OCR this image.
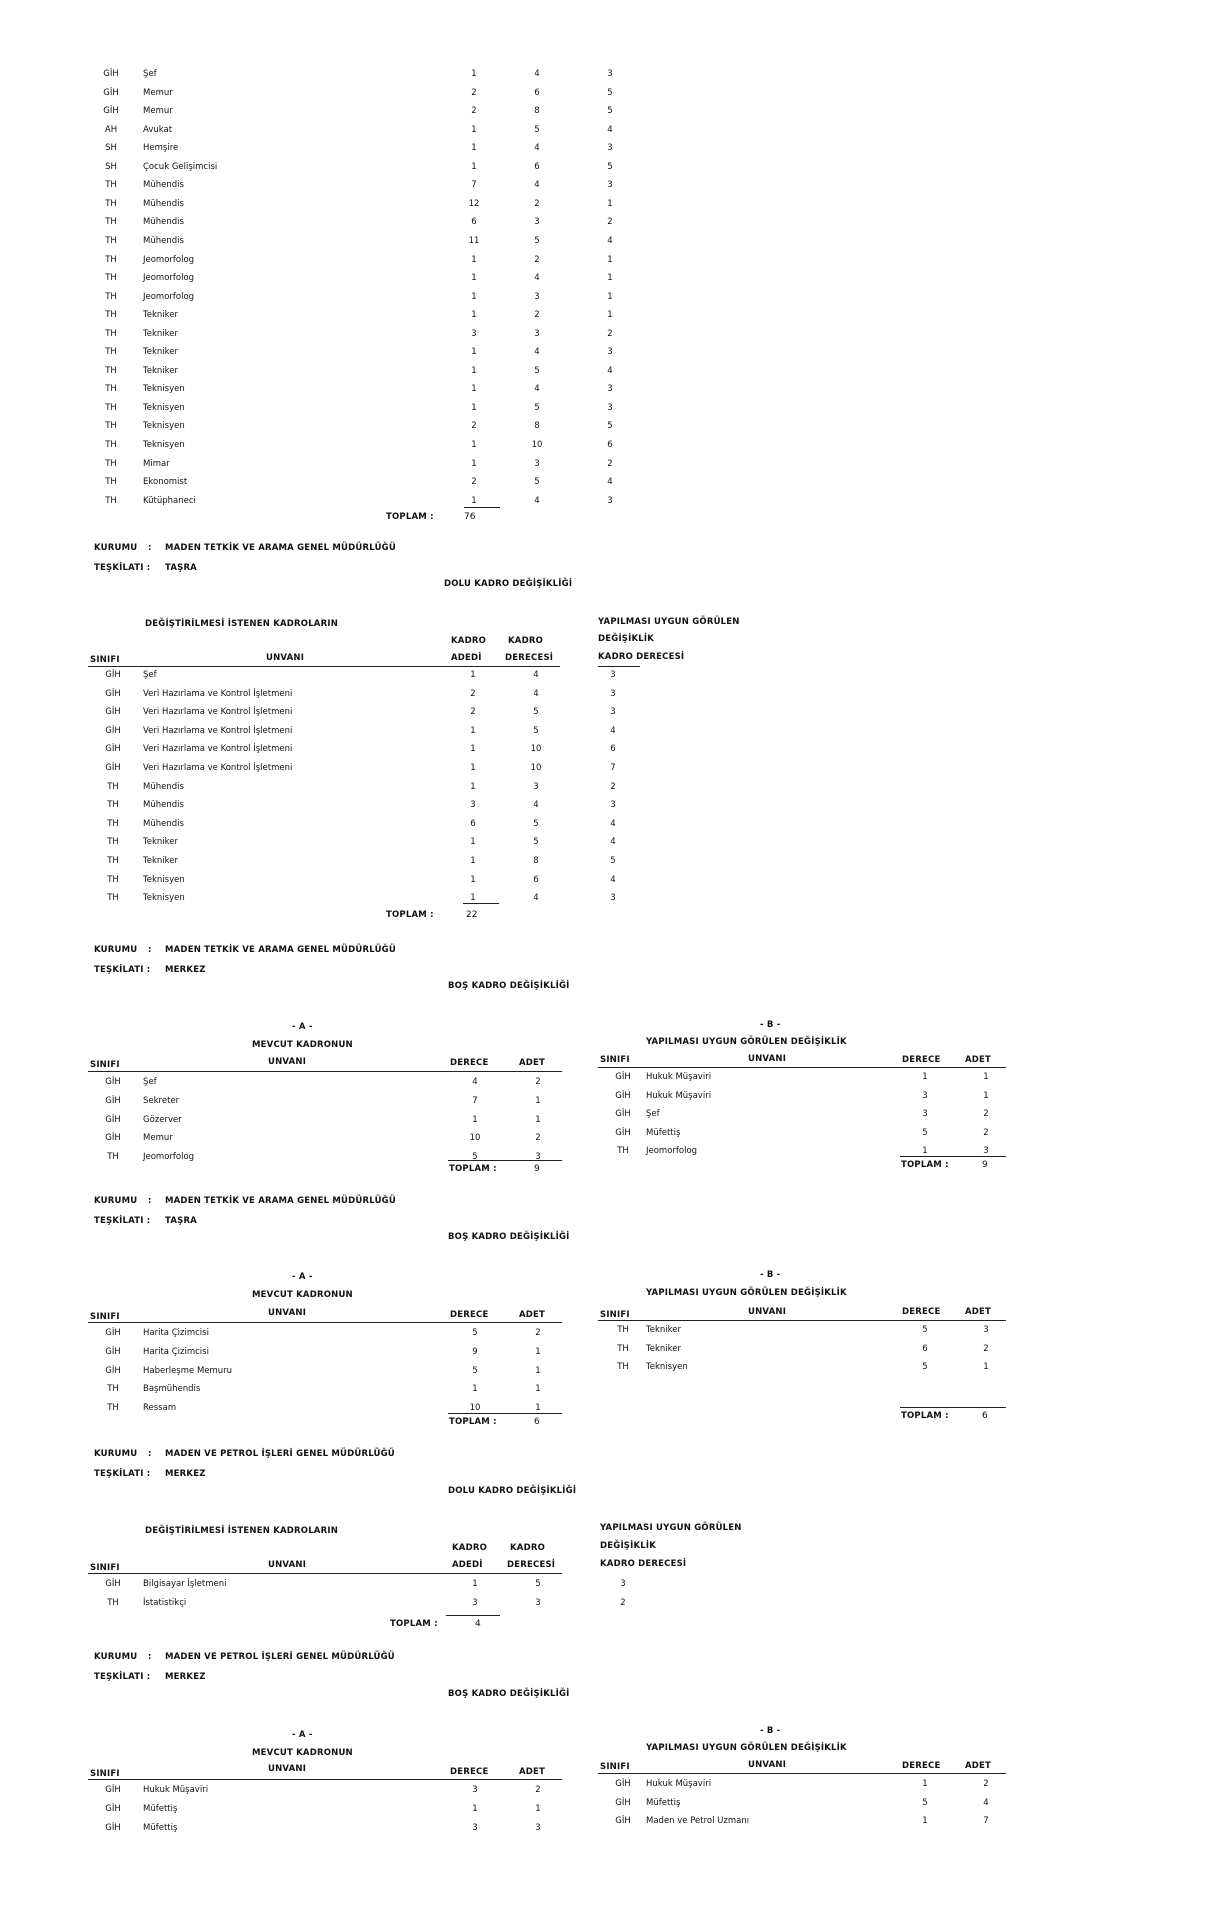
GİH	Şef	1	4	3
GİH	Memur	2	6	5
GİH	Memur	2	8	5
AH	Avukat	1	5	4
SH	Hemşire	1	4	3
SH	Çocuk Gelişimcisi	1	6	5
TH	Mühendis	7	4	3
TH	Mühendis	12	2	1
TH	Mühendis	6	3	2
TH	Mühendis	11	5	4
TH	Jeomorfolog	1	2	1
TH	Jeomorfolog	1	4	1
TH	Jeomorfolog	1	3	1
TH	Tekniker	1	2	1
TH	Tekniker	3	3	2
TH	Tekniker	1	4	3
TH	Tekniker	1	5	4
TH	Teknisyen	1	4	3
TH	Teknisyen	1	5	3
TH	Teknisyen	2	8	5
TH	Teknisyen	1	10	6
TH	Mimar	1	3	2
TH	Ekonomist	2	5	4
TH	Kütüphaneci	1	4	3
TOPLAM :	76
KURUMU : MADEN TETKİK VE ARAMA GENEL MÜDÜRLÜĞÜ
TEŞKİLATI : TAŞRA
DOLU KADRO DEĞİŞİKLİĞİ
DEĞİŞTİRİLMESİ İSTENEN KADROLARIN	YAPILMASI UYGUN GÖRÜLEN
DEĞİŞİKLİK
KADRO DERECESİ
KADRO	KADRO
SINIFI	UNVANI	ADEDİ	DERECESİ
GİH	Şef	1	4	3
GİH	Veri Hazırlama ve Kontrol İşletmeni	2	4	3
GİH	Veri Hazırlama ve Kontrol İşletmeni	2	5	3
GİH	Veri Hazırlama ve Kontrol İşletmeni	1	5	4
GİH	Veri Hazırlama ve Kontrol İşletmeni	1	10	6
GİH	Veri Hazırlama ve Kontrol İşletmeni	1	10	7
TH	Mühendis	1	3	2
TH	Mühendis	3	4	3
TH	Mühendis	6	5	4
TH	Tekniker	1	5	4
TH	Tekniker	1	8	5
TH	Teknisyen	1	6	4
TH	Teknisyen	1	4	3
TOPLAM :	22
KURUMU : MADEN TETKİK VE ARAMA GENEL MÜDÜRLÜĞÜ
TEŞKİLATI : MERKEZ
BOŞ KADRO DEĞİŞİKLİĞİ
- A -
MEVCUT KADRONUN
SINIFI	UNVANI	DERECE	ADET
- B -
YAPILMASI UYGUN GÖRÜLEN DEĞİŞİKLİK
SINIFI	UNVANI	DERECE	ADET
GİH	Şef	4	2
GİH	Sekreter	7	1
GİH	Gözerver	1	1
GİH	Memur	10	2
TH	Jeomorfolog	5	3
GİH	Hukuk Müşaviri	1	1
GİH	Hukuk Müşaviri	3	1
GİH	Şef	3	2
GİH	Müfettiş	5	2
TH	Jeomorfolog	1	3
TOPLAM :	9	TOPLAM :	9
KURUMU : MADEN TETKİK VE ARAMA GENEL MÜDÜRLÜĞÜ
TEŞKİLATI : TAŞRA
BOŞ KADRO DEĞİŞİKLİĞİ
- A -
MEVCUT KADRONUN
SINIFI	UNVANI	DERECE	ADET
- B -
YAPILMASI UYGUN GÖRÜLEN DEĞİŞİKLİK
SINIFI	UNVANI	DERECE	ADET
GİH	Harita Çizimcisi	5	2
GİH	Harita Çizimcisi	9	1
GİH	Haberleşme Memuru	5	1
TH	Başmühendis	1	1
TH	Ressam	10	1
TH	Tekniker	5	3
TH	Tekniker	6	2
TH	Teknisyen	5	1
TOPLAM :	6
TOPLAM :	6
KURUMU : MADEN VE PETROL İŞLERİ GENEL MÜDÜRLÜĞÜ
TEŞKİLATI : MERKEZ
DOLU KADRO DEĞİŞİKLİĞİ
DEĞİŞTİRİLMESİ İSTENEN KADROLARIN	YAPILMASI UYGUN GÖRÜLEN
DEĞİŞİKLİK
KADRO DERECESİ
KADRO	KADRO
SINIFI	UNVANI	ADEDİ	DERECESİ
GİH	Bilgisayar İşletmeni	1	5	3
TH	İstatistikçi	3	3	2
TOPLAM :	4
KURUMU : MADEN VE PETROL İŞLERİ GENEL MÜDÜRLÜĞÜ
TEŞKİLATI : MERKEZ
BOŞ KADRO DEĞİŞİKLİĞİ
- A -
MEVCUT KADRONUN
SINIFI	UNVANI	DERECE	ADET
- B -
YAPILMASI UYGUN GÖRÜLEN DEĞİŞİKLİK
SINIFI	UNVANI	DERECE	ADET
GİH	Hukuk Müşaviri	3	2
GİH	Müfettiş	1	1
GİH	Müfettiş	3	3
GİH	Hukuk Müşaviri	1	2
GİH	Müfettiş	5	4
GİH	Maden ve Petrol Uzmanı	1	7
